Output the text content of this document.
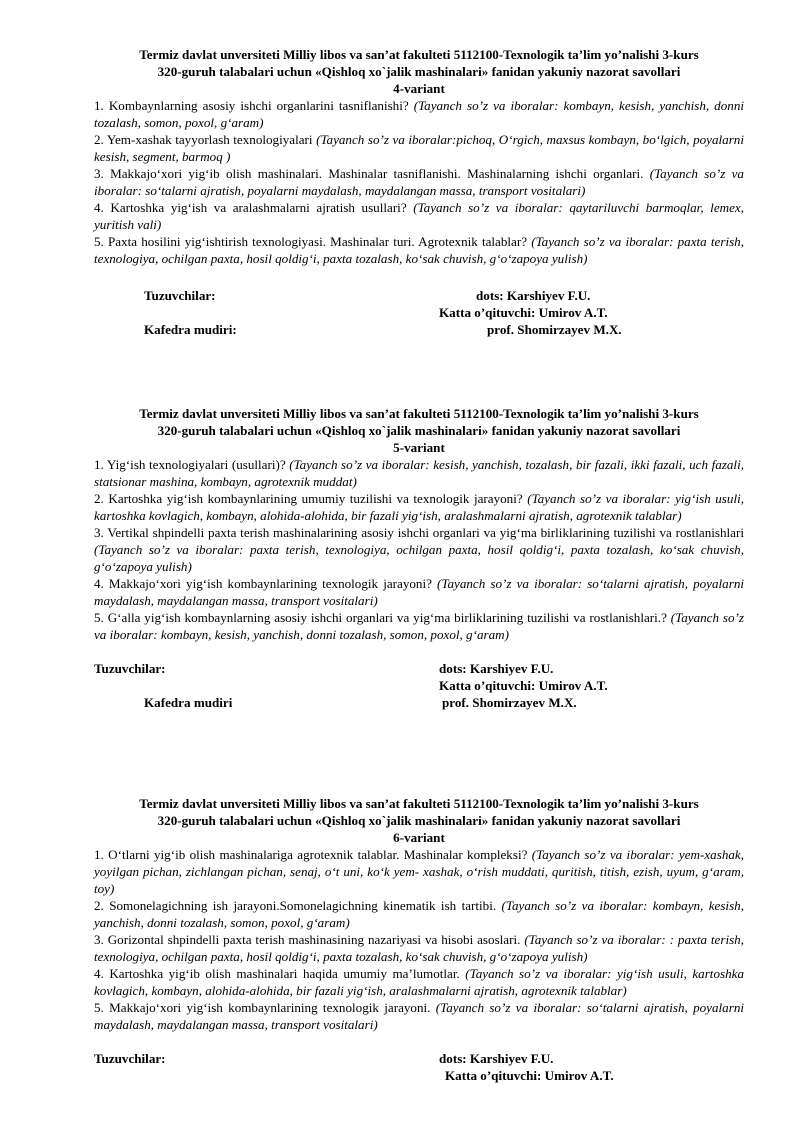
Termiz davlat unversiteti Milliy libos va san’at fakulteti 5112100-Texnologik ta’lim yo’nalishi 3-kurs
320-guruh talabalari uchun «Qishloq xo`jalik mashinalari» fanidan yakuniy nazorat savollari
4-variant

1. Kombaynlarning asosiy ishchi organlarini tasniflanishi? (Tayanch so’z va iboralar: kombayn, kesish, yanchish, donni tozalash, somon, poxol, g‘aram)

2. Yem-xashak tayyorlash texnologiyalari (Tayanch so’z va iboralar:pichoq, O‘rgich, maxsus kombayn, bo‘lgich, poyalarni kesish, segment, barmoq )

3. Makkajo‘xori yig‘ib olish mashinalari. Mashinalar tasniflanishi. Mashinalarning ishchi organlari. (Tayanch so’z va iboralar: so‘talarni ajratish, poyalarni maydalash, maydalangan massa, transport vositalari)

4. Kartoshka yig‘ish va aralashmalarni ajratish usullari? (Tayanch so’z va iboralar: qaytariluvchi barmoqlar, lemex, yuritish vali)

5. Paxta hosilini yig‘ishtirish texnologiyasi. Mashinalar turi. Agrotexnik talablar? (Tayanch so’z va iboralar: paxta terish, texnologiya, ochilgan paxta, hosil qoldig‘i, paxta tozalash, ko‘sak chuvish, g‘o‘zapoya yulish)

Tuzuvchilar:	dots: Karshiyev F.U.
Katta o’qituvchi: Umirov A.T.
Kafedra mudiri:	prof. Shomirzayev M.X.
Termiz davlat unversiteti Milliy libos va san’at fakulteti 5112100-Texnologik ta’lim yo’nalishi 3-kurs
320-guruh talabalari uchun «Qishloq xo`jalik mashinalari» fanidan yakuniy nazorat savollari
5-variant

1. Yig‘ish texnologiyalari (usullari)? (Tayanch so’z va iboralar: kesish, yanchish, tozalash, bir fazali, ikki fazali, uch fazali, statsionar mashina, kombayn, agrotexnik muddat)

2. Kartoshka yig‘ish kombaynlarining umumiy tuzilishi va texnologik jarayoni? (Tayanch so’z va iboralar: yig‘ish usuli, kartoshka kovlagich, kombayn, alohida-alohida, bir fazali yig‘ish, aralashmalarni ajratish, agrotexnik talablar)

3. Vertikal shpindelli paxta terish mashinalarining asosiy ishchi organlari va yig‘ma birliklarining tuzilishi va rostlanishlari (Tayanch so’z va iboralar: paxta terish, texnologiya, ochilgan paxta, hosil qoldig‘i, paxta tozalash, ko‘sak chuvish, g‘o‘zapoya yulish)

4. Makkajo‘xori yig‘ish kombaynlarining texnologik jarayoni? (Tayanch so’z va iboralar: so‘talarni ajratish, poyalarni maydalash, maydalangan massa, transport vositalari)

5. G‘alla yig‘ish kombaynlarning asosiy ishchi organlari va yig‘ma birliklarining tuzilishi va rostlanishlari.? (Tayanch so’z va iboralar: kombayn, kesish, yanchish, donni tozalash, somon, poxol, g‘aram)

Tuzuvchilar:	dots: Karshiyev F.U.
Katta o’qituvchi: Umirov A.T.
Kafedra mudiri	prof. Shomirzayev M.X.
Termiz davlat unversiteti Milliy libos va san’at fakulteti 5112100-Texnologik ta’lim yo’nalishi 3-kurs
320-guruh talabalari uchun «Qishloq xo`jalik mashinalari» fanidan yakuniy nazorat savollari
6-variant

1. O‘tlarni yig‘ib olish mashinalariga agrotexnik talablar. Mashinalar kompleksi? (Tayanch so’z va iboralar: yem-xashak, yoyilgan pichan, zichlangan pichan, senaj, o‘t uni, ko‘k yem- xashak, o‘rish muddati, quritish, titish, ezish, uyum, g‘aram, toy)

2. Somonelagichning ish jarayoni.Somonelagichning kinematik ish tartibi. (Tayanch so’z va iboralar: kombayn, kesish, yanchish, donni tozalash, somon, poxol, g‘aram)

3. Gorizontal shpindelli paxta terish mashinasining nazariyasi va hisobi asoslari. (Tayanch so’z va iboralar: : paxta terish, texnologiya, ochilgan paxta, hosil qoldig‘i, paxta tozalash, ko‘sak chuvish, g‘o‘zapoya yulish)

4. Kartoshka yig‘ib olish mashinalari haqida umumiy ma’lumotlar. (Tayanch so’z va iboralar: yig‘ish usuli, kartoshka kovlagich, kombayn, alohida-alohida, bir fazali yig‘ish, aralashmalarni ajratish, agrotexnik talablar)

5. Makkajo‘xori yig‘ish kombaynlarining texnologik jarayoni. (Tayanch so’z va iboralar: so‘talarni ajratish, poyalarni maydalash, maydalangan massa, transport vositalari)

Tuzuvchilar:	dots: Karshiyev F.U.
Katta o’qituvchi: Umirov A.T.
